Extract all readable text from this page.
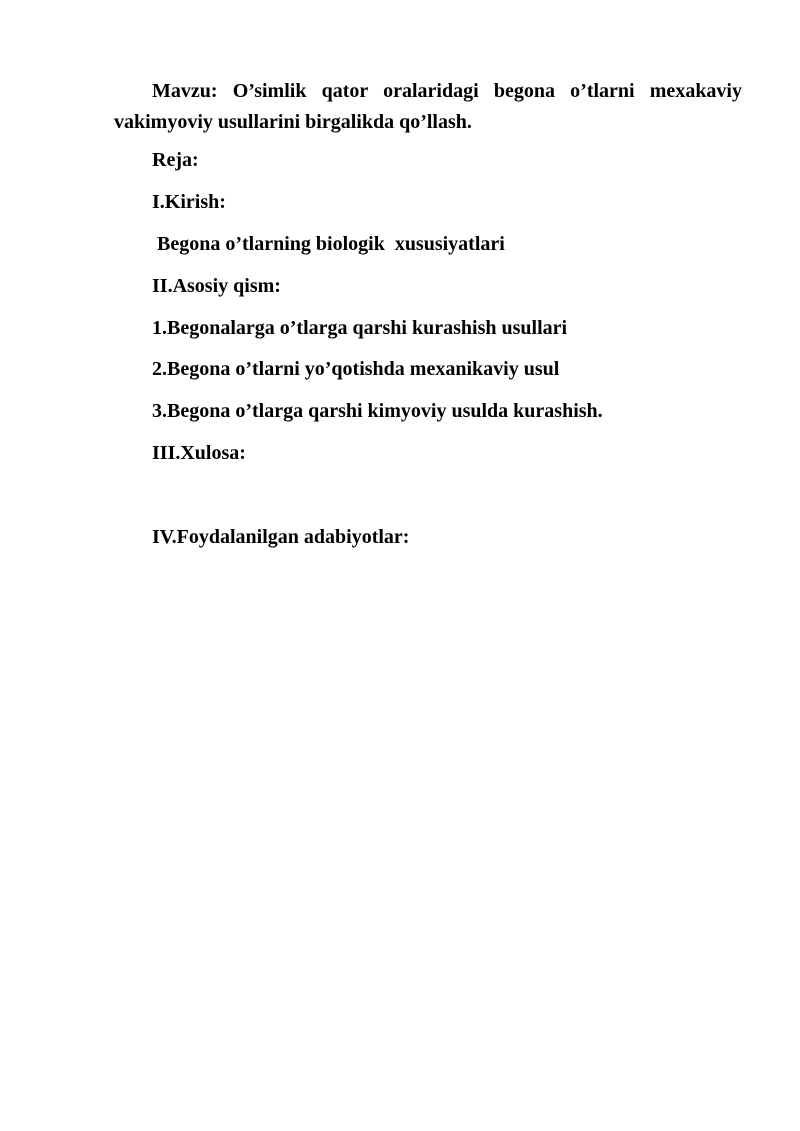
Mavzu: O’simlik qator oralaridagi begona o’tlarni mexakaviy vakimyoviy usullarini birgalikda qo’llash.

Reja:

I.Kirish:

Begona o’tlarning biologik  xususiyatlari

II.Asosiy qism:

1.Begonalarga o’tlarga qarshi kurashish usullari

2.Begona o’tlarni yo’qotishda mexanikaviy usul

3.Begona o’tlarga qarshi kimyoviy usulda kurashish.

III.Xulosa:

IV.Foydalanilgan adabiyotlar:
